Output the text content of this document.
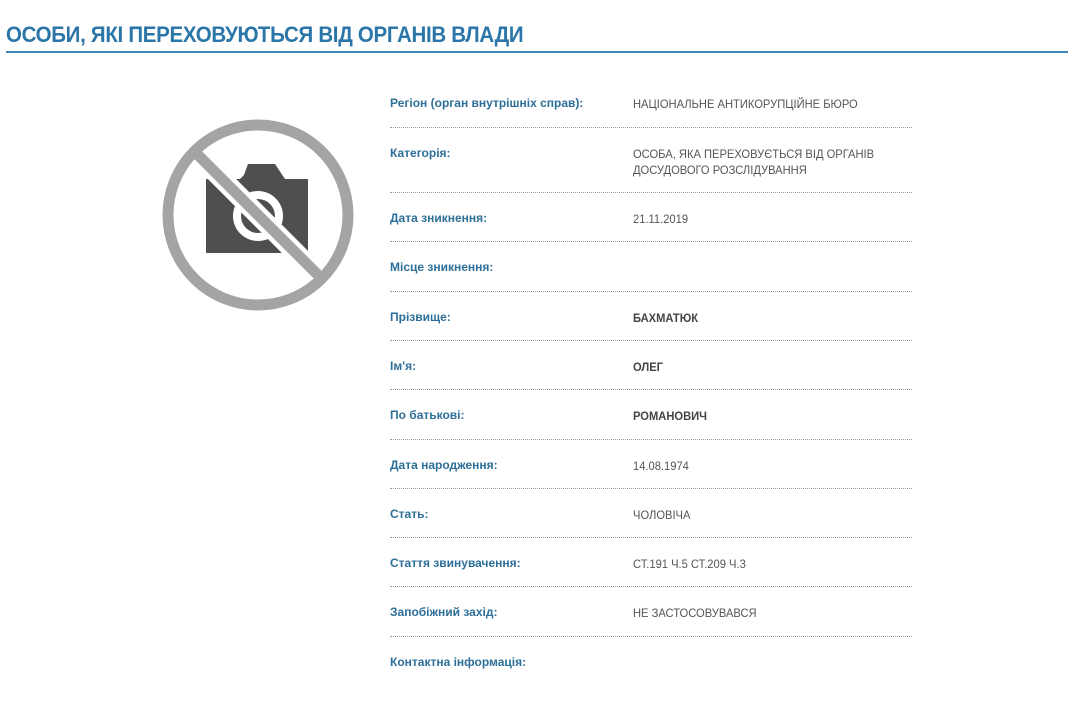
ОСОБИ, ЯКІ ПЕРЕХОВУЮТЬСЯ ВІД ОРГАНІВ ВЛАДИ
Регіон (орган внутрішніх справ):	НАЦІОНАЛЬНЕ АНТИКОРУПЦІЙНЕ БЮРО
Категорія:	ОСОБА, ЯКА ПЕРЕХОВУЄТЬСЯ ВІД ОРГАНІВ ДОСУДОВОГО РОЗСЛІДУВАННЯ
Дата зникнення:	21.11.2019
Місце зникнення:
Прізвище:	БАХМАТЮК
Ім'я:	ОЛЕГ
По батькові:	РОМАНОВИЧ
Дата народження:	14.08.1974
Стать:	ЧОЛОВІЧА
Стаття звинувачення:	СТ.191 Ч.5 СТ.209 Ч.3
Запобіжний захід:	НЕ ЗАСТОСОВУВАВСЯ
Контактна інформація:
